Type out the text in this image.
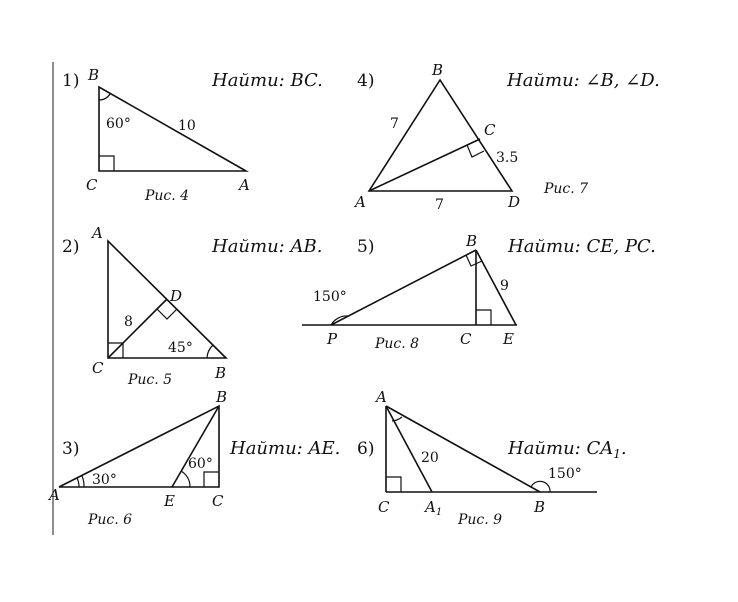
1)	Найти: BC.
B
C	A
60°	10
Рис. 4
4)	Найти: ∠B, ∠D.
B
C
A	D
7
7
3.5
Рис. 7
2)	Найти: AB.
A
D
C	B
8
45°
Рис. 5
5)	Найти: CE, PC.
B
P	C E
150°
9
Рис. 8
3)	Найти: AE.
A
B
E C
30°
60°
Рис. 6
6)	Найти: $CA_1$.
A
C $A_1$	B
20
150°
Рис. 9
